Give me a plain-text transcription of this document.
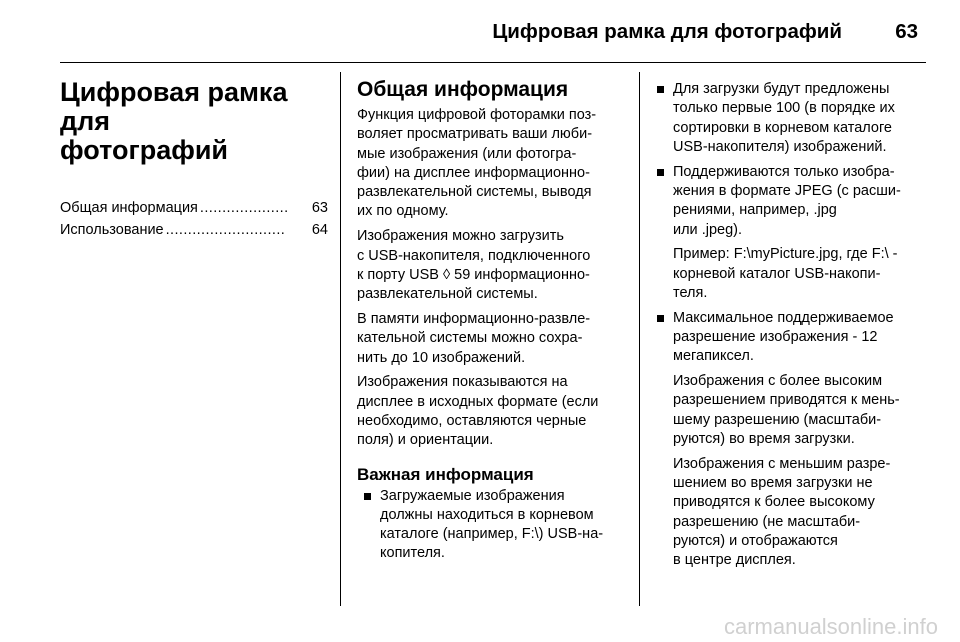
Цифровая рамка для фотографий	63
Цифровая рамка для
фотографий
Общая информация ....................	63
Использование ...........................	64
Общая информация

Функция цифровой фоторамки поз-
воляет просматривать ваши люби-
мые изображения (или фотогра-
фии) на дисплее информационно-
развлекательной системы, выводя
их по одному.

Изображения можно загрузить
с USB-накопителя, подключенного
к порту USB ◊ 59 информационно-
развлекательной системы.

В памяти информационно-развле-
кательной системы можно сохра-
нить до 10 изображений.

Изображения показываются на
дисплее в исходных формате (если
необходимо, оставляются черные
поля) и ориентации.

Важная информация
Загружаемые изображения
должны находиться в корневом
каталоге (например, F:\) USB-на-
копителя.
Для загрузки будут предложены
только первые 100 (в порядке их
сортировки в корневом каталоге
USB-накопителя) изображений.
Поддерживаются только изобра-
жения в формате JPEG (с расши-
рениями, например, .jpg
или .jpeg).

Пример: F:\myPicture.jpg, где F:\ -
корневой каталог USB-накопи-
теля.

Максимальное поддерживаемое
разрешение изображения - 12
мегапиксел.

Изображения с более высоким
разрешением приводятся к мень-
шему разрешению (масштаби-
руются) во время загрузки.

Изображения с меньшим разре-
шением во время загрузки не
приводятся к более высокому
разрешению (не масштаби-
руются) и отображаются
в центре дисплея.

carmanualsonline.info
